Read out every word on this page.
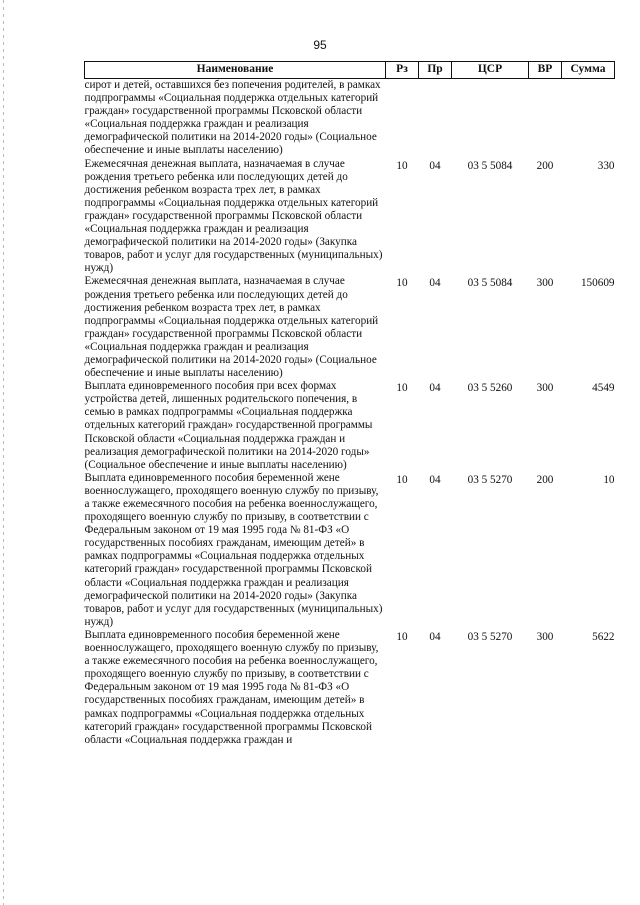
95
Наименование	Рз	Пр	ЦСР	ВР	Сумма
сирот и детей, оставшихся без попечения родителей, в рамках подпрограммы «Социальная поддержка отдельных категорий граждан» государственной программы Псковской области «Социальная поддержка граждан и реализация демографической политики на 2014-2020 годы» (Социальное обеспечение и иные выплаты населению)					
Ежемесячная денежная выплата, назначаемая в случае рождения третьего ребенка или последующих детей до достижения ребенком возраста трех лет, в рамках подпрограммы «Социальная поддержка отдельных категорий граждан» государственной программы Псковской области «Социальная поддержка граждан и реализация демографической политики на 2014-2020 годы» (Закупка товаров, работ и услуг для государственных (муниципальных) нужд)	10	04	03 5 5084	200	330
Ежемесячная денежная выплата, назначаемая в случае рождения третьего ребенка или последующих детей до достижения ребенком возраста трех лет, в рамках подпрограммы «Социальная поддержка отдельных категорий граждан» государственной программы Псковской области «Социальная поддержка граждан и реализация демографической политики на 2014-2020 годы» (Социальное обеспечение и иные выплаты населению)	10	04	03 5 5084	300	150609
Выплата единовременного пособия при всех формах устройства детей, лишенных родительского попечения, в семью в рамках подпрограммы «Социальная поддержка отдельных категорий граждан» государственной программы Псковской области «Социальная поддержка граждан и реализация демографической политики на 2014-2020 годы» (Социальное обеспечение и иные выплаты населению)	10	04	03 5 5260	300	4549
Выплата единовременного пособия беременной жене военнослужащего, проходящего военную службу по призыву, а также ежемесячного пособия на ребенка военнослужащего, проходящего военную службу по призыву, в соответствии с Федеральным законом от 19 мая 1995 года № 81-ФЗ «О государственных пособиях гражданам, имеющим детей» в рамках подпрограммы «Социальная поддержка отдельных категорий граждан» государственной программы Псковской области «Социальная поддержка граждан и реализация демографической политики на 2014-2020 годы» (Закупка товаров, работ и услуг для государственных (муниципальных) нужд)	10	04	03 5 5270	200	10
Выплата единовременного пособия беременной жене военнослужащего, проходящего военную службу по призыву, а также ежемесячного пособия на ребенка военнослужащего, проходящего военную службу по призыву, в соответствии с Федеральным законом от 19 мая 1995 года № 81-ФЗ «О государственных пособиях гражданам, имеющим детей» в рамках подпрограммы «Социальная поддержка отдельных категорий граждан» государственной программы Псковской области «Социальная поддержка граждан и	10	04	03 5 5270	300	5622
